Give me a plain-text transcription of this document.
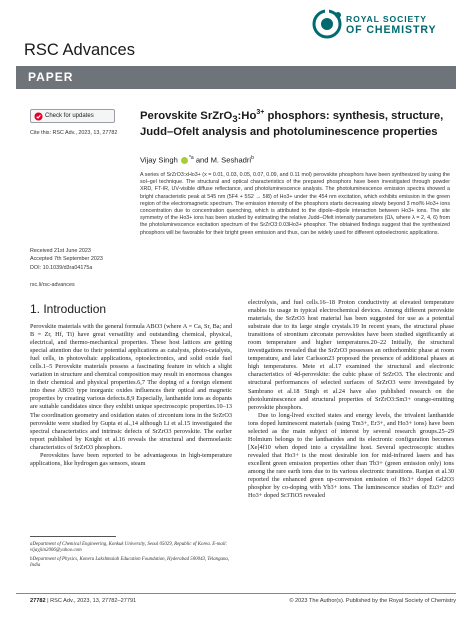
ROYAL SOCIETY
OF CHEMISTRY
RSC Advances
PAPER
Check for updates
Cite this: RSC Adv., 2023, 13, 27782
Received 21st June 2023
Accepted 7th September 2023
DOI: 10.1039/d3ra04175a
rsc.li/rsc-advances
Perovskite $SrZrO_3:Ho^{3+}$ phosphors: synthesis, structure, Judd–Ofelt analysis and photoluminescence properties
Vijay Singh $^{*a}$ and M. Seshadri$^b$
A series of SrZrO3:xHo3+ (x = 0.01, 0.03, 0.05, 0.07, 0.09, and 0.11 mol) perovskite phosphors have been synthesized by using the sol–gel technique. The structural and optical characteristics of the prepared phosphors have been investigated through powder XRD, FT-IR, UV-visible diffuse reflectance, and photoluminescence analysis. The photoluminescence emission spectra showed a bright characteristic peak at 545 nm (5F4 + 5S2 → 5I8) of Ho3+ under the 454 nm excitation, which exhibits emission in the green region of the electromagnetic spectrum. The emission intensity of the phosphors starts decreasing slowly beyond 3 mol% Ho3+ ions concentration due to concentration quenching, which is attributed to the dipole–dipole interaction between Ho3+ ions. The site symmetry of the Ho3+ ions has been studied by estimating the relative Judd–Ofelt intensity parameters (Ωλ, where λ = 2, 4, 6) from the photoluminescence excitation spectrum of the SrZrO3:0.03Ho3+ phosphor. The obtained findings suggest that the synthesized phosphors will be favorable for their bright green emission and thus, can be widely used for different optoelectronic applications.
1. Introduction

Perovskite materials with the general formula ABO3 (where A = Ca, Sr, Ba; and B = Zr, Hf, Ti) have great versatility and outstanding chemical, physical, electrical, and thermo-mechanical properties. These host lattices are getting special attention due to their potential applications as catalysts, photo-catalysts, fuel cells, in photovoltaic applications, optoelectronics, and solid oxide fuel cells.1–5 Perovskite materials possess a fascinating feature in which a slight variation in structure and chemical composition may result in enormous changes in their chemical and physical properties.6,7 The doping of a foreign element into these ABO3 type inorganic oxides influences their optical and magnetic properties by creating various defects.8,9 Especially, lanthanide ions as dopants are suitable candidates since they exhibit unique spectroscopic properties.10–13 The coordination geometry and oxidation states of zirconium ions in the SrZrO3 perovskite were studied by Gupta et al.,14 although Li et al.15 investigated the spectral characteristics and intrinsic defects of SrZrO3 perovskite. The earlier report published by Knight et al.16 reveals the structural and thermoelastic characteristics of SrZrO3 phosphors.

Perovskites have been reported to be advantageous in high-temperature applications, like hydrogen gas sensors, steam

electrolysis, and fuel cells.16–18 Proton conductivity at elevated temperature enables its usage in typical electrochemical devices. Among different perovskite materials, the SrZrO3 host material has been suggested for use as a potential substrate due to its large single crystals.19 In recent years, the structural phase transitions of strontium zirconate perovskites have been studied significantly at room temperature and higher temperatures.20–22 Initially, the structural investigations revealed that the SrZrO3 possesses an orthorhombic phase at room temperature, and later Carlsson23 proposed the presence of additional phases at high temperatures. Mete et al.17 examined the structural and electronic characteristics of 4d-perovskite: the cubic phase of SrZrO3. The electronic and structural performances of selected surfaces of SrZrO3 were investigated by Sambrano et al.18 Singh et al.24 have also published research on the photoluminescence and structural properties of SrZrO3:Sm3+ orange-emitting perovskite phosphors.

Due to long-lived excited states and energy levels, the trivalent lanthanide ions doped luminescent materials (using Tm3+, Er3+, and Ho3+ ions) have been selected as the main subject of interest by several research groups.25–29 Holmium belongs to the lanthanides and its electronic configuration becomes [Xe]4f10 when doped into a crystalline host. Several spectroscopic studies revealed that Ho3+ is the most desirable ion for mid-infrared lasers and has excellent green emission properties other than Tb3+ (green emission only) ions among the rare earth ions due to its various electronic transitions. Ranjan et al.30 reported the enhanced green up-conversion emission of Ho3+ doped Gd2O3 phosphor by co-doping with Yb3+ ions. The luminescence studies of Eu3+ and Ho3+ doped Sr3TiO5 revealed

aDepartment of Chemical Engineering, Konkuk University, Seoul 05029, Republic of Korea. E-mail: vijayjiin2006@yahoo.com

bDepartment of Physics, Koneru Lakshmaiah Education Foundation, Hyderabad 500043, Telangana, India

27782 | RSC Adv., 2023, 13, 27782–27791	© 2023 The Author(s). Published by the Royal Society of Chemistry
